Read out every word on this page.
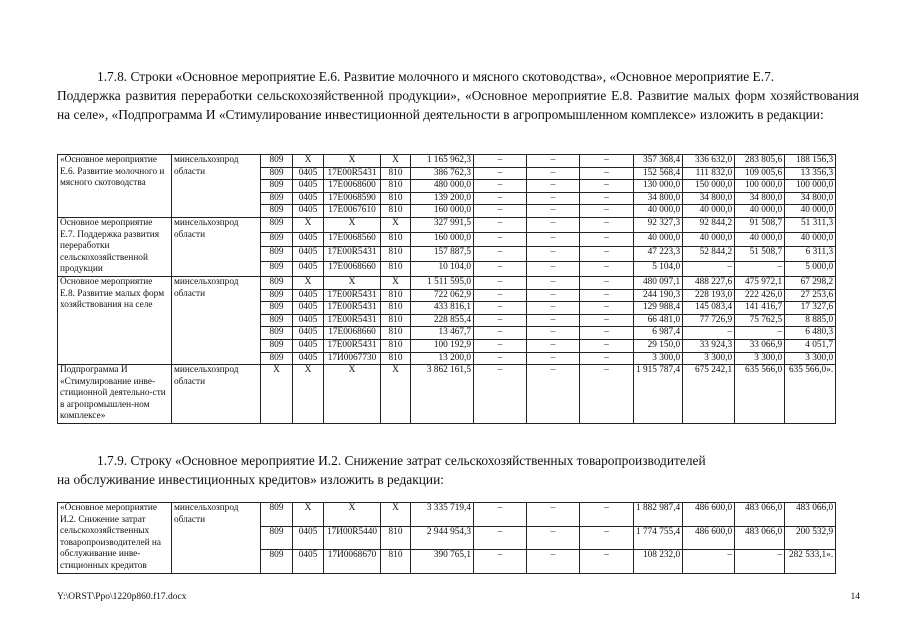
1.7.8. Строки «Основное мероприятие Е.6. Развитие молочного и мясного скотоводства», «Основное мероприятие Е.7.
Поддержка развития переработки сельскохозяйственной продукции», «Основное мероприятие Е.8. Развитие малых форм хозяйствования на селе», «Подпрограмма И «Стимулирование инвестиционной деятельности в агропромышленном комплексе» изложить в редакции:
«Основное мероприятие Е.6. Развитие молочного и мясного скотоводства	минсельхозпрод области	809	Х	Х	Х	1 165 962,3	–	–	–	357 368,4	336 632,0	283 805,6	188 156,3
		809	0405	17Е00R5431	810	386 762,3	–	–	–	152 568,4	111 832,0	109 005,6	13 356,3
		809	0405	17Е0068600	810	480 000,0	–	–	–	130 000,0	150 000,0	100 000,0	100 000,0
		809	0405	17Е0068590	810	139 200,0	–	–	–	34 800,0	34 800,0	34 800,0	34 800,0
		809	0405	17Е0067610	810	160 000,0	–	–	–	40 000,0	40 000,0	40 000,0	40 000,0
Основное мероприятие Е.7. Поддержка развития переработки сельскохозяйственной продукции	минсельхозпрод области	809	Х	Х	Х	327 991,5	–	–	–	92 327,3	92 844,2	91 508,7	51 311,3
		809	0405	17Е0068560	810	160 000,0	–	–	–	40 000,0	40 000,0	40 000,0	40 000,0
		809	0405	17Е00R5431	810	157 887,5	–	–	–	47 223,3	52 844,2	51 508,7	6 311,3
		809	0405	17Е0068660	810	10 104,0	–	–	–	5 104,0	–	–	5 000,0
Основное мероприятие Е.8. Развитие малых форм хозяйствования на селе	минсельхозпрод области	809	Х	Х	Х	1 511 595,0	–	–	–	480 097,1	488 227,6	475 972,1	67 298,2
		809	0405	17Е00R5431	810	722 062,9	–	–	–	244 190,3	228 193,0	222 426,0	27 253,6
		809	0405	17Е00R5431	810	433 816,1	–	–	–	129 988,4	145 083,4	141 416,7	17 327,6
		809	0405	17Е00R5431	810	228 855,4	–	–	–	66 481,0	77 726,9	75 762,5	8 885,0
		809	0405	17Е0068660	810	13 467,7	–	–	–	6 987,4	–	–	6 480,3
		809	0405	17Е00R5431	810	100 192,9	–	–	–	29 150,0	33 924,3	33 066,9	4 051,7
		809	0405	17И0067730	810	13 200,0	–	–	–	3 300,0	3 300,0	3 300,0	3 300,0
Подпрограмма И «Стимулирование инве-стиционной деятельно-сти в агропромышлен-ном комплексе»	минсельхозпрод области	Х	Х	Х	Х	3 862 161,5	–	–	–	1 915 787,4	675 242,1	635 566,0	635 566,0».
1.7.9. Строку «Основное мероприятие И.2. Снижение затрат сельскохозяйственных товаропроизводителей
на обслуживание инвестиционных кредитов» изложить в редакции:
«Основное мероприятие И.2. Снижение затрат сельскохозяйственных товаропроизводителей на обслуживание инве-стиционных кредитов	минсельхозпрод области	809	Х	Х	Х	3 335 719,4	–	–	–	1 882 987,4	486 600,0	483 066,0	483 066,0
		809	0405	17И00R5440	810	2 944 954,3	–	–	–	1 774 755,4	486 600,0	483 066,0	200 532,9
		809	0405	17И0068670	810	390 765,1	–	–	–	108 232,0	–	–	282 533,1».
Y:\ORST\Ppo\1220p860.f17.docx	14
